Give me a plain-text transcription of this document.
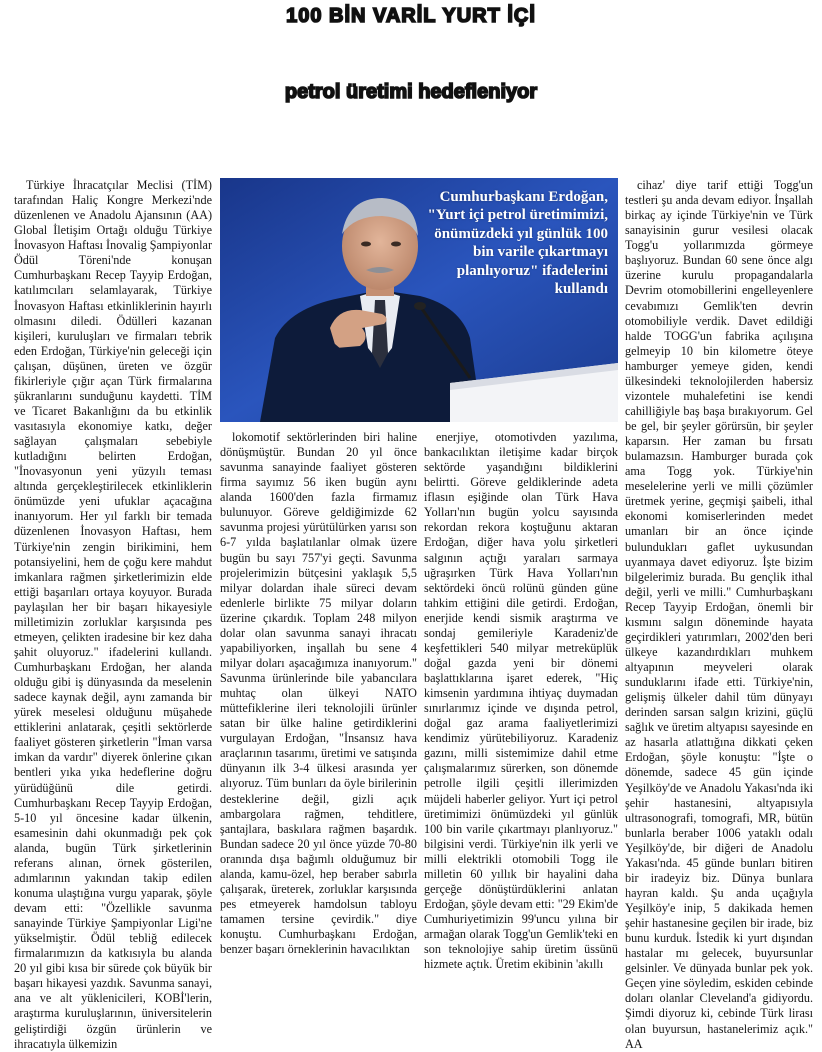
100 BİN VARİL YURT İÇİ
petrol üretimi hedefleniyor

Türkiye İhracatçılar Meclisi (TİM) tarafından Haliç Kongre Merkezi'nde düzenlenen ve Anadolu Ajansının (AA) Global İletişim Ortağı olduğu Türkiye İnovasyon Haftası İnovalig Şampiyonlar Ödül Töreni'nde konuşan Cumhurbaşkanı Recep Tayyip Erdoğan, katılımcıları selamlayarak, Türkiye İnovasyon Haftası etkinliklerinin hayırlı olmasını diledi. Ödülleri kazanan kişileri, kuruluşları ve firmaları tebrik eden Erdoğan, Türkiye'nin geleceği için çalışan, düşünen, üreten ve özgür fikirleriyle çığır açan Türk firmalarına şükranlarını sunduğunu kaydetti. TİM ve Ticaret Bakanlığını da bu etkinlik vasıtasıyla ekonomiye katkı, değer sağlayan çalışmaları sebebiyle kutladığını belirten Erdoğan, "İnovasyonun yeni yüzyılı teması altında gerçekleştirilecek etkinliklerin önümüzde yeni ufuklar açacağına inanıyorum. Her yıl farklı bir temada düzenlenen İnovasyon Haftası, hem Türkiye'nin zengin birikimini, hem potansiyelini, hem de çoğu kere mahdut imkanlara rağmen şirketlerimizin elde ettiği başarıları ortaya koyuyor. Burada paylaşılan her bir başarı hikayesiyle milletimizin zorluklar karşısında pes etmeyen, çelikten iradesine bir kez daha şahit oluyoruz." ifadelerini kullandı. Cumhurbaşkanı Erdoğan, her alanda olduğu gibi iş dünyasında da meselenin sadece kaynak değil, aynı zamanda bir yürek meselesi olduğunu müşahede ettiklerini anlatarak, çeşitli sektörlerde faaliyet gösteren şirketlerin "İman varsa imkan da vardır" diyerek önlerine çıkan bentleri yıka yıka hedeflerine doğru yürüdüğünü dile getirdi. Cumhurbaşkanı Recep Tayyip Erdoğan, 5-10 yıl öncesine kadar ülkenin, esamesinin dahi okunmadığı pek çok alanda, bugün Türk şirketlerinin referans alınan, örnek gösterilen, adımlarının yakından takip edilen konuma ulaştığına vurgu yaparak, şöyle devam etti: "Özellikle savunma sanayinde Türkiye Şampiyonlar Ligi'ne yükselmiştir. Ödül tebliğ edilecek firmalarımızın da katkısıyla bu alanda 20 yıl gibi kısa bir sürede çok büyük bir başarı hikayesi yazdık. Savunma sanayi, ana ve alt yüklenicileri, KOBİ'lerin, araştırma kuruluşlarının, üniversitelerin geliştirdiği özgün ürünlerin ve ihracatıyla ülkemizin

Cumhurbaşkanı Erdoğan, "Yurt içi petrol üretimimizi, önümüzdeki yıl günlük 100 bin varile çıkartmayı planlıyoruz" ifadelerini kullandı

lokomotif sektörlerinden biri haline dönüşmüştür. Bundan 20 yıl önce savunma sanayinde faaliyet gösteren firma sayımız 56 iken bugün aynı alanda 1600'den fazla firmamız bulunuyor. Göreve geldiğimizde 62 savunma projesi yürütülürken yarısı son 6-7 yılda başlatılanlar olmak üzere bugün bu sayı 757'yi geçti. Savunma projelerimizin bütçesini yaklaşık 5,5 milyar dolardan ihale süreci devam edenlerle birlikte 75 milyar doların üzerine çıkardık. Toplam 248 milyon dolar olan savunma sanayi ihracatı yapabiliyorken, inşallah bu sene 4 milyar doları aşacağımıza inanıyorum." Savunma ürünlerinde bile yabancılara muhtaç olan ülkeyi NATO müttefiklerine ileri teknolojili ürünler satan bir ülke haline getirdiklerini vurgulayan Erdoğan, "İnsansız hava araçlarının tasarımı, üretimi ve satışında dünyanın ilk 3-4 ülkesi arasında yer alıyoruz. Tüm bunları da öyle birilerinin desteklerine değil, gizli açık ambargolara rağmen, tehditlere, şantajlara, baskılara rağmen başardık. Bundan sadece 20 yıl önce yüzde 70-80 oranında dışa bağımlı olduğumuz bir alanda, kamu-özel, hep beraber sabırla çalışarak, üreterek, zorluklar karşısında pes etmeyerek hamdolsun tabloyu tamamen tersine çevirdik." diye konuştu. Cumhurbaşkanı Erdoğan, benzer başarı örneklerinin havacılıktan

enerjiye, otomotivden yazılıma, bankacılıktan iletişime kadar birçok sektörde yaşandığını bildiklerini belirtti. Göreve geldiklerinde adeta iflasın eşiğinde olan Türk Hava Yolları'nın bugün yolcu sayısında rekordan rekora koştuğunu aktaran Erdoğan, diğer hava yolu şirketleri salgının açtığı yaraları sarmaya uğraşırken Türk Hava Yolları'nın sektördeki öncü rolünü günden güne tahkim ettiğini dile getirdi. Erdoğan, enerjide kendi sismik araştırma ve sondaj gemileriyle Karadeniz'de keşfettikleri 540 milyar metreküplük doğal gazda yeni bir dönemi başlattıklarına işaret ederek, "Hiç kimsenin yardımına ihtiyaç duymadan sınırlarımız içinde ve dışında petrol, doğal gaz arama faaliyetlerimizi kendimiz yürütebiliyoruz. Karadeniz gazını, milli sistemimize dahil etme çalışmalarımız sürerken, son dönemde petrolle ilgili çeşitli illerimizden müjdeli haberler geliyor. Yurt içi petrol üretimimizi önümüzdeki yıl günlük 100 bin varile çıkartmayı planlıyoruz." bilgisini verdi. Türkiye'nin ilk yerli ve milli elektrikli otomobili Togg ile milletin 60 yıllık bir hayalini daha gerçeğe dönüştürdüklerini anlatan Erdoğan, şöyle devam etti: "29 Ekim'de Cumhuriyetimizin 99'uncu yılına bir armağan olarak Togg'un Gemlik'teki en son teknolojiye sahip üretim üssünü hizmete açtık. Üretim ekibinin 'akıllı

cihaz' diye tarif ettiği Togg'un testleri şu anda devam ediyor. İnşallah birkaç ay içinde Türkiye'nin ve Türk sanayisinin gurur vesilesi olacak Togg'u yollarımızda görmeye başlıyoruz. Bundan 60 sene önce algı üzerine kurulu propagandalarla Devrim otomobillerini engelleyenlere cevabımızı Gemlik'ten devrin otomobiliyle verdik. Davet edildiği halde TOGG'un fabrika açılışına gelmeyip 10 bin kilometre öteye hamburger yemeye giden, kendi ülkesindeki teknolojilerden habersiz vizontele muhalefetini ise kendi cahilliğiyle baş başa bırakıyorum. Gel be gel, bir şeyler görürsün, bir şeyler kaparsın. Her zaman bu fırsatı bulamazsın. Hamburger burada çok ama Togg yok. Türkiye'nin meselelerine yerli ve milli çözümler üretmek yerine, geçmişi şaibeli, ithal ekonomi komiserlerinden medet umanları bir an önce içinde bulundukları gaflet uykusundan uyanmaya davet ediyoruz. İşte bizim bilgelerimiz burada. Bu gençlik ithal değil, yerli ve milli." Cumhurbaşkanı Recep Tayyip Erdoğan, önemli bir kısmını salgın döneminde hayata geçirdikleri yatırımları, 2002'den beri ülkeye kazandırdıkları muhkem altyapının meyveleri olarak sunduklarını ifade etti. Türkiye'nin, gelişmiş ülkeler dahil tüm dünyayı derinden sarsan salgın krizini, güçlü sağlık ve üretim altyapısı sayesinde en az hasarla atlattığına dikkati çeken Erdoğan, şöyle konuştu: "İşte o dönemde, sadece 45 gün içinde Yeşilköy'de ve Anadolu Yakası'nda iki şehir hastanesini, altyapısıyla ultrasonografi, tomografi, MR, bütün bunlarla beraber 1006 yataklı odalı Yeşilköy'de, bir diğeri de Anadolu Yakası'nda. 45 günde bunları bitiren bir iradeyiz biz. Dünya bunlara hayran kaldı. Şu anda uçağıyla Yeşilköy'e inip, 5 dakikada hemen şehir hastanesine geçilen bir irade, biz bunu kurduk. İstedik ki yurt dışından hastalar mı gelecek, buyursunlar gelsinler. Ve dünyada bunlar pek yok. Geçen yine söyledim, eskiden cebinde doları olanlar Cleveland'a gidiyordu. Şimdi diyoruz ki, cebinde Türk lirası olan buyursun, hastanelerimiz açık." AA
